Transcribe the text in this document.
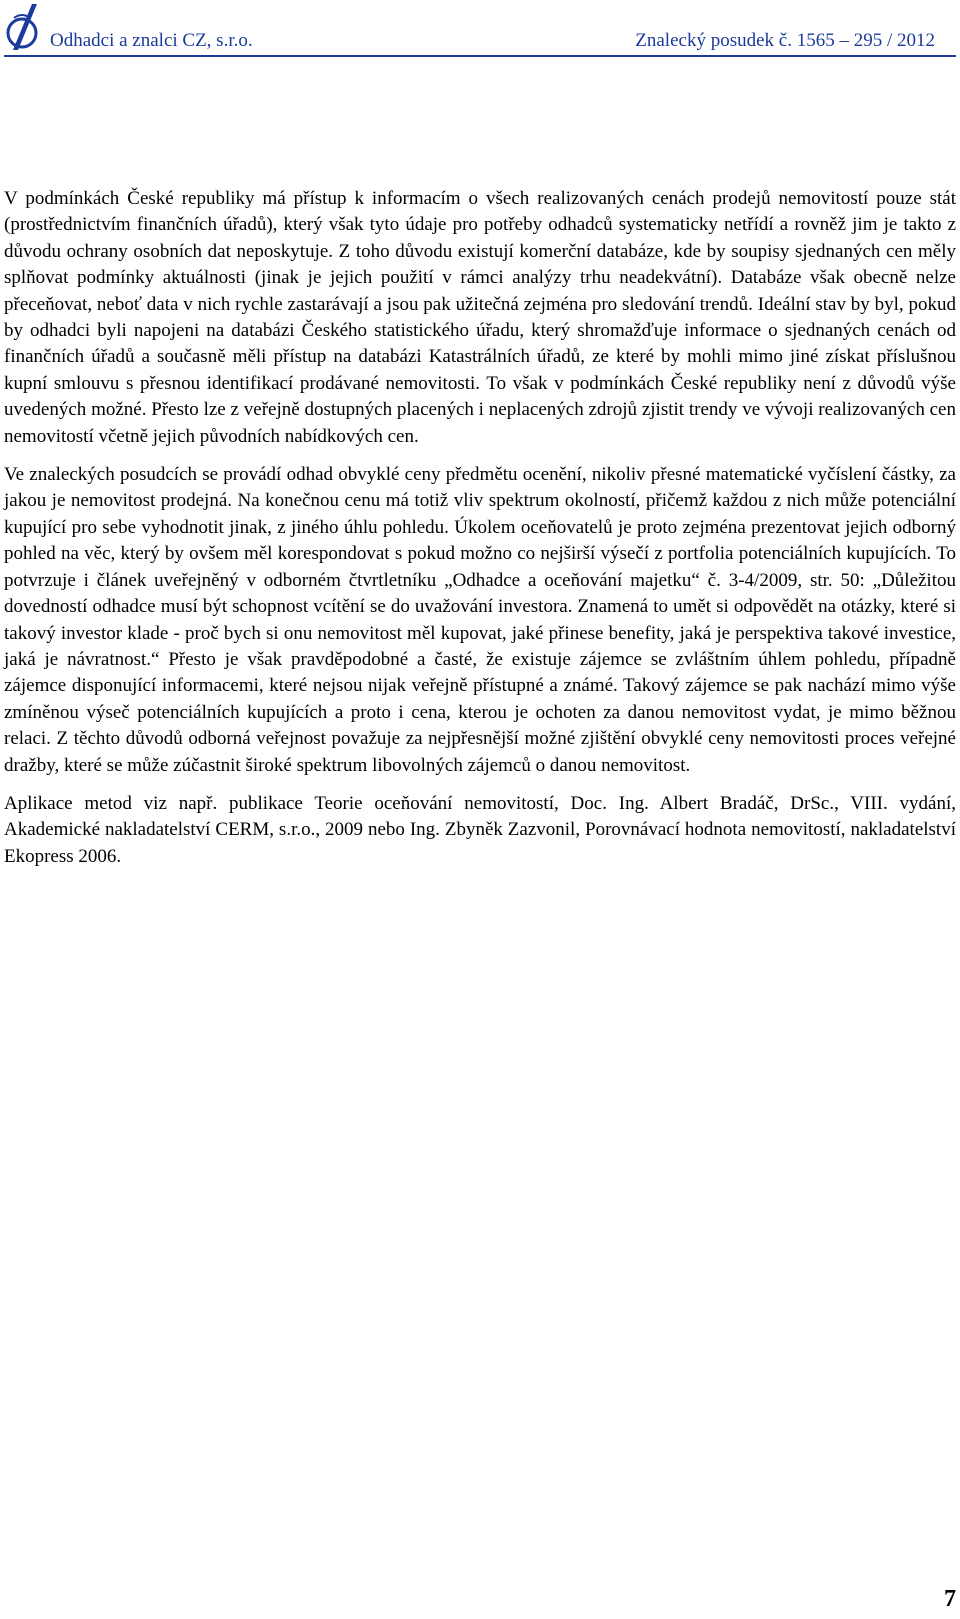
Odhadci a znalci CZ, s.r.o.	Znalecký posudek č. 1565 – 295 / 2012

V podmínkách České republiky má přístup k informacím o všech realizovaných cenách prodejů nemovitostí pouze stát (prostřednictvím finančních úřadů), který však tyto údaje pro potřeby odhadců systematicky netřídí a rovněž jim je takto z důvodu ochrany osobních dat neposkytuje. Z toho důvodu existují komerční databáze, kde by soupisy sjednaných cen měly splňovat podmínky aktuálnosti (jinak je jejich použití v rámci analýzy trhu neadekvátní). Databáze však obecně nelze přeceňovat, neboť data v nich rychle zastarávají a jsou pak užitečná zejména pro sledování trendů. Ideální stav by byl, pokud by odhadci byli napojeni na databázi Českého statistického úřadu, který shromažďuje informace o sjednaných cenách od finančních úřadů a současně měli přístup na databázi Katastrálních úřadů, ze které by mohli mimo jiné získat příslušnou kupní smlouvu s přesnou identifikací prodávané nemovitosti. To však v podmínkách České republiky není z důvodů výše uvedených možné. Přesto lze z veřejně dostupných placených i neplacených zdrojů zjistit trendy ve vývoji realizovaných cen nemovitostí včetně jejich původních nabídkových cen.

Ve znaleckých posudcích se provádí odhad obvyklé ceny předmětu ocenění, nikoliv přesné matematické vyčíslení částky, za jakou je nemovitost prodejná. Na konečnou cenu má totiž vliv spektrum okolností, přičemž každou z nich může potenciální kupující pro sebe vyhodnotit jinak, z jiného úhlu pohledu. Úkolem oceňovatelů je proto zejména prezentovat jejich odborný pohled na věc, který by ovšem měl korespondovat s pokud možno co nejširší výsečí z portfolia potenciálních kupujících. To potvrzuje i článek uveřejněný v odborném čtvrtletníku „Odhadce a oceňování majetku“ č. 3-4/2009, str. 50: „Důležitou dovedností odhadce musí být schopnost vcítění se do uvažování investora. Znamená to umět si odpovědět na otázky, které si takový investor klade - proč bych si onu nemovitost měl kupovat, jaké přinese benefity, jaká je perspektiva takové investice, jaká je návratnost.“ Přesto je však pravděpodobné a časté, že existuje zájemce se zvláštním úhlem pohledu, případně zájemce disponující informacemi, které nejsou nijak veřejně přístupné a známé. Takový zájemce se pak nachází mimo výše zmíněnou výseč potenciálních kupujících a proto i cena, kterou je ochoten za danou nemovitost vydat, je mimo běžnou relaci. Z těchto důvodů odborná veřejnost považuje za nejpřesnější možné zjištění obvyklé ceny nemovitosti proces veřejné dražby, které se může zúčastnit široké spektrum libovolných zájemců o danou nemovitost.

Aplikace metod viz např. publikace Teorie oceňování nemovitostí, Doc. Ing. Albert Bradáč, DrSc., VIII. vydání, Akademické nakladatelství CERM, s.r.o., 2009 nebo Ing. Zbyněk Zazvonil, Porovnávací hodnota nemovitostí, nakladatelství Ekopress 2006.

7
